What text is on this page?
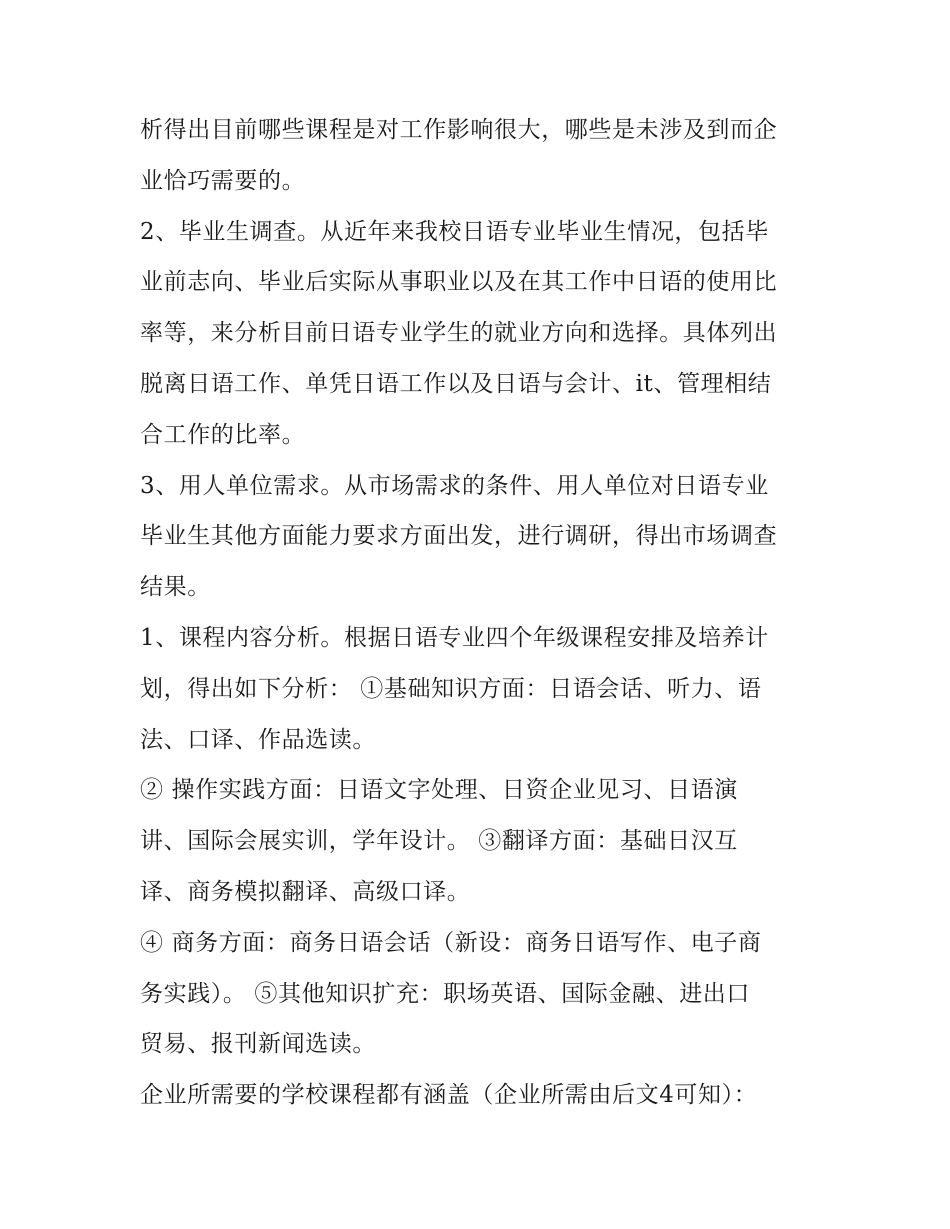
析得出目前哪些课程是对工作影响很大，哪些是未涉及到而企
业恰巧需要的。
2、毕业生调查。从近年来我校日语专业毕业生情况，包括毕
业前志向、毕业后实际从事职业以及在其工作中日语的使用比
率等，来分析目前日语专业学生的就业方向和选择。具体列出
脱离日语工作、单凭日语工作以及日语与会计、it、管理相结
合工作的比率。
3、用人单位需求。从市场需求的条件、用人单位对日语专业
毕业生其他方面能力要求方面出发，进行调研，得出市场调查
结果。
1、课程内容分析。根据日语专业四个年级课程安排及培养计
划，得出如下分析： ①基础知识方面：日语会话、听力、语
法、口译、作品选读。
② 操作实践方面：日语文字处理、日资企业见习、日语演
讲、国际会展实训，学年设计。 ③翻译方面：基础日汉互
译、商务模拟翻译、高级口译。
④ 商务方面：商务日语会话（新设：商务日语写作、电子商
务实践）。 ⑤其他知识扩充：职场英语、国际金融、进出口
贸易、报刊新闻选读。
企业所需要的学校课程都有涵盖（企业所需由后文4可知）：
